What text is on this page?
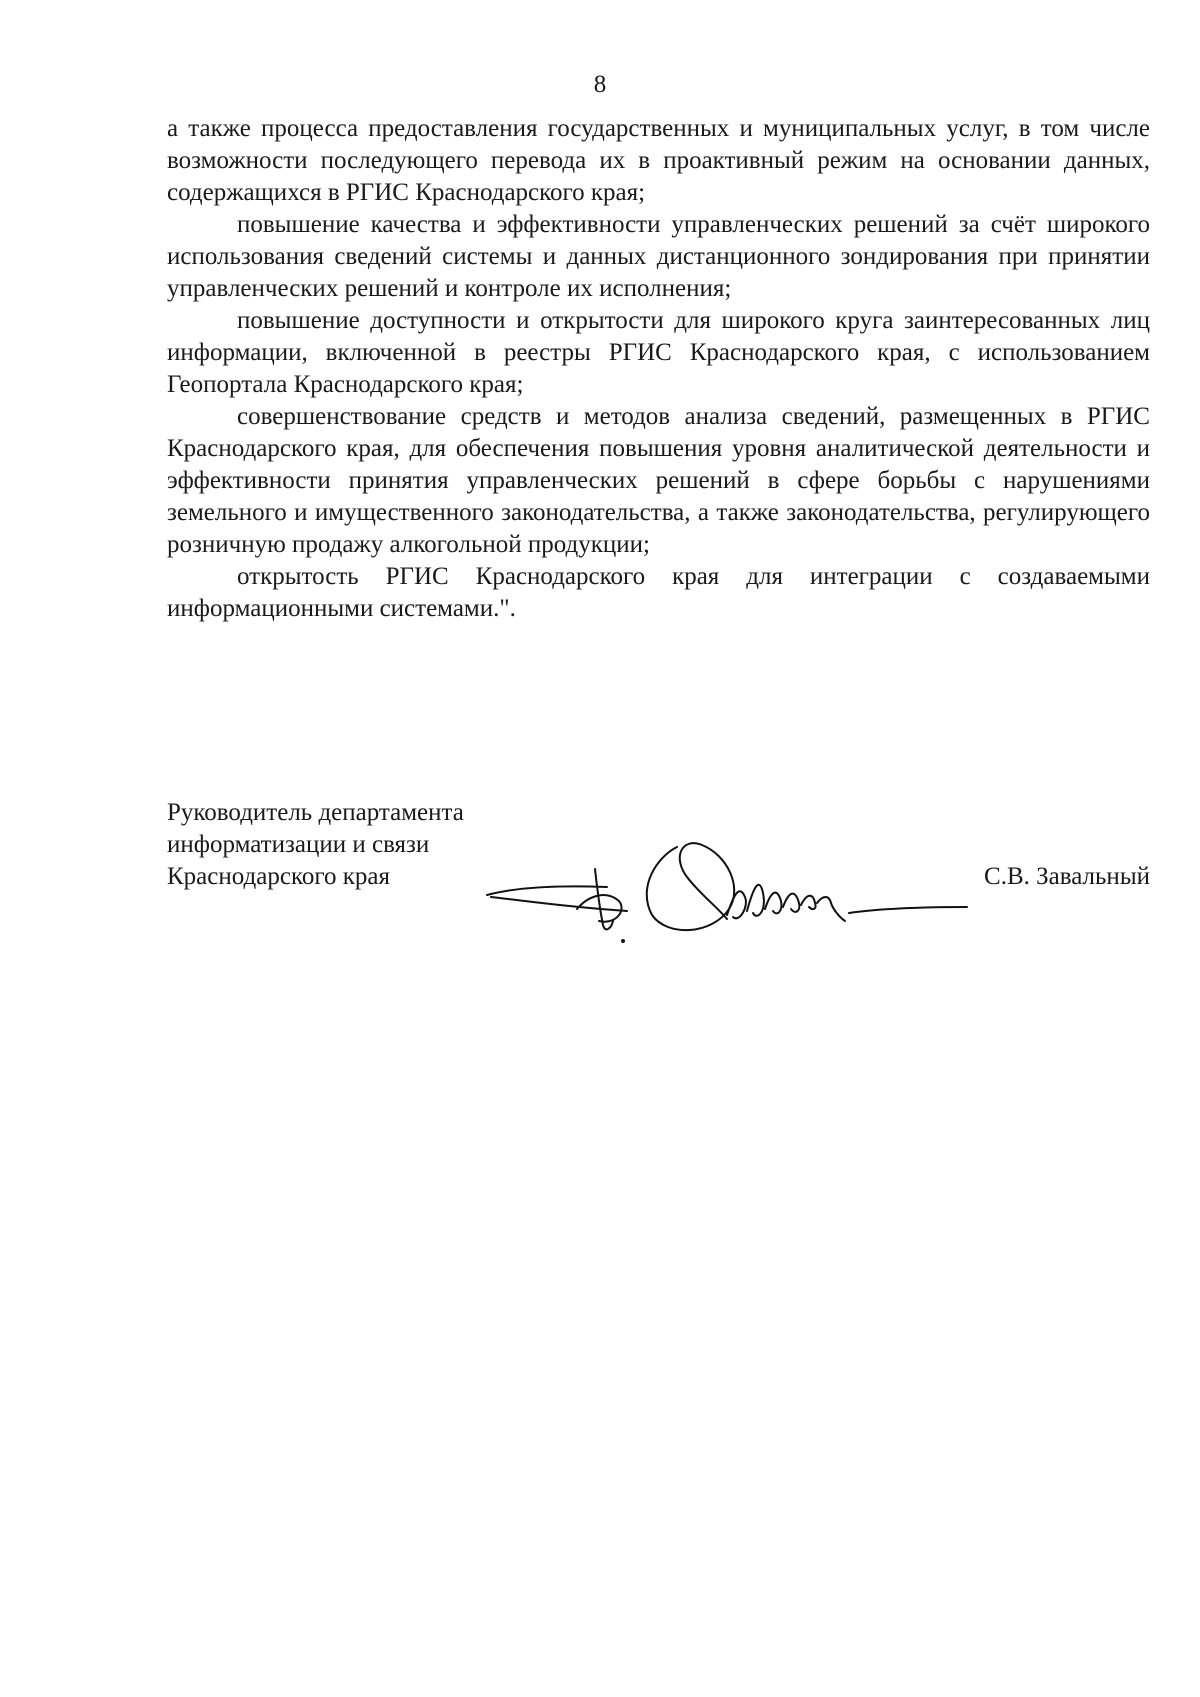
8

а также процесса предоставления государственных и муниципальных услуг, в том числе возможности последующего перевода их в проактивный режим на основании данных, содержащихся в РГИС Краснодарского края;

повышение качества и эффективности управленческих решений за счёт широкого использования сведений системы и данных дистанционного зондирования при принятии управленческих решений и контроле их исполнения;

повышение доступности и открытости для широкого круга заинтересованных лиц информации, включенной в реестры РГИС Краснодарского края, с использованием Геопортала Краснодарского края;

совершенствование средств и методов анализа сведений, размещенных в РГИС Краснодарского края, для обеспечения повышения уровня аналитической деятельности и эффективности принятия управленческих решений в сфере борьбы с нарушениями земельного и имущественного законодательства, а также законодательства, регулирующего розничную продажу алкогольной продукции;

открытость РГИС Краснодарского края для интеграции с создаваемыми информационными системами.".

Руководитель департамента
информатизации и связи
Краснодарского края	С.В. Завальный
